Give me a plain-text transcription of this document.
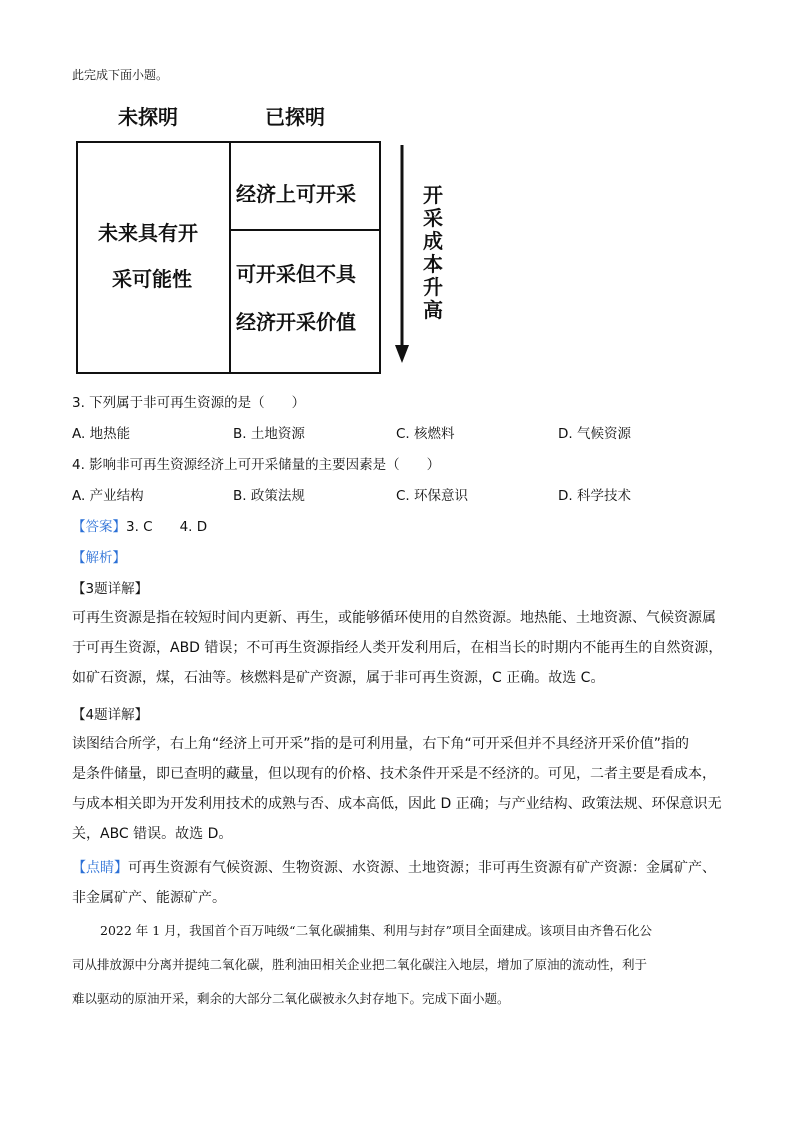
此完成下面小题。
未探明	已探明
未来具有开
采可能性
经济上可开采
可开采但不具
经济开采价值
开
采
成
本
升
高
3. 下列属于非可再生资源的是（　　）
A. 地热能	B. 土地资源	C. 核燃料	D. 气候资源
4. 影响非可再生资源经济上可开采储量的主要因素是（　　）
A. 产业结构	B. 政策法规	C. 环保意识	D. 科学技术
【答案】3. C　　4. D
【解析】
【3题详解】
可再生资源是指在较短时间内更新、再生，或能够循环使用的自然资源。地热能、土地资源、气候资源属
于可再生资源，ABD 错误；不可再生资源指经人类开发利用后，在相当长的时期内不能再生的自然资源，
如矿石资源，煤，石油等。核燃料是矿产资源，属于非可再生资源，C 正确。故选 C。
【4题详解】
读图结合所学，右上角“经济上可开采”指的是可利用量，右下角“可开采但并不具经济开采价值”指的
是条件储量，即已查明的藏量，但以现有的价格、技术条件开采是不经济的。可见，二者主要是看成本，
与成本相关即为开发利用技术的成熟与否、成本高低，因此 D 正确；与产业结构、政策法规、环保意识无
关，ABC 错误。故选 D。
【点睛】可再生资源有气候资源、生物资源、水资源、土地资源；非可再生资源有矿产资源：金属矿产、
非金属矿产、能源矿产。
2022 年 1 月，我国首个百万吨级“二氧化碳捕集、利用与封存”项目全面建成。该项目由齐鲁石化公
司从排放源中分离并提纯二氧化碳，胜利油田相关企业把二氧化碳注入地层，增加了原油的流动性，利于
难以驱动的原油开采，剩余的大部分二氧化碳被永久封存地下。完成下面小题。
